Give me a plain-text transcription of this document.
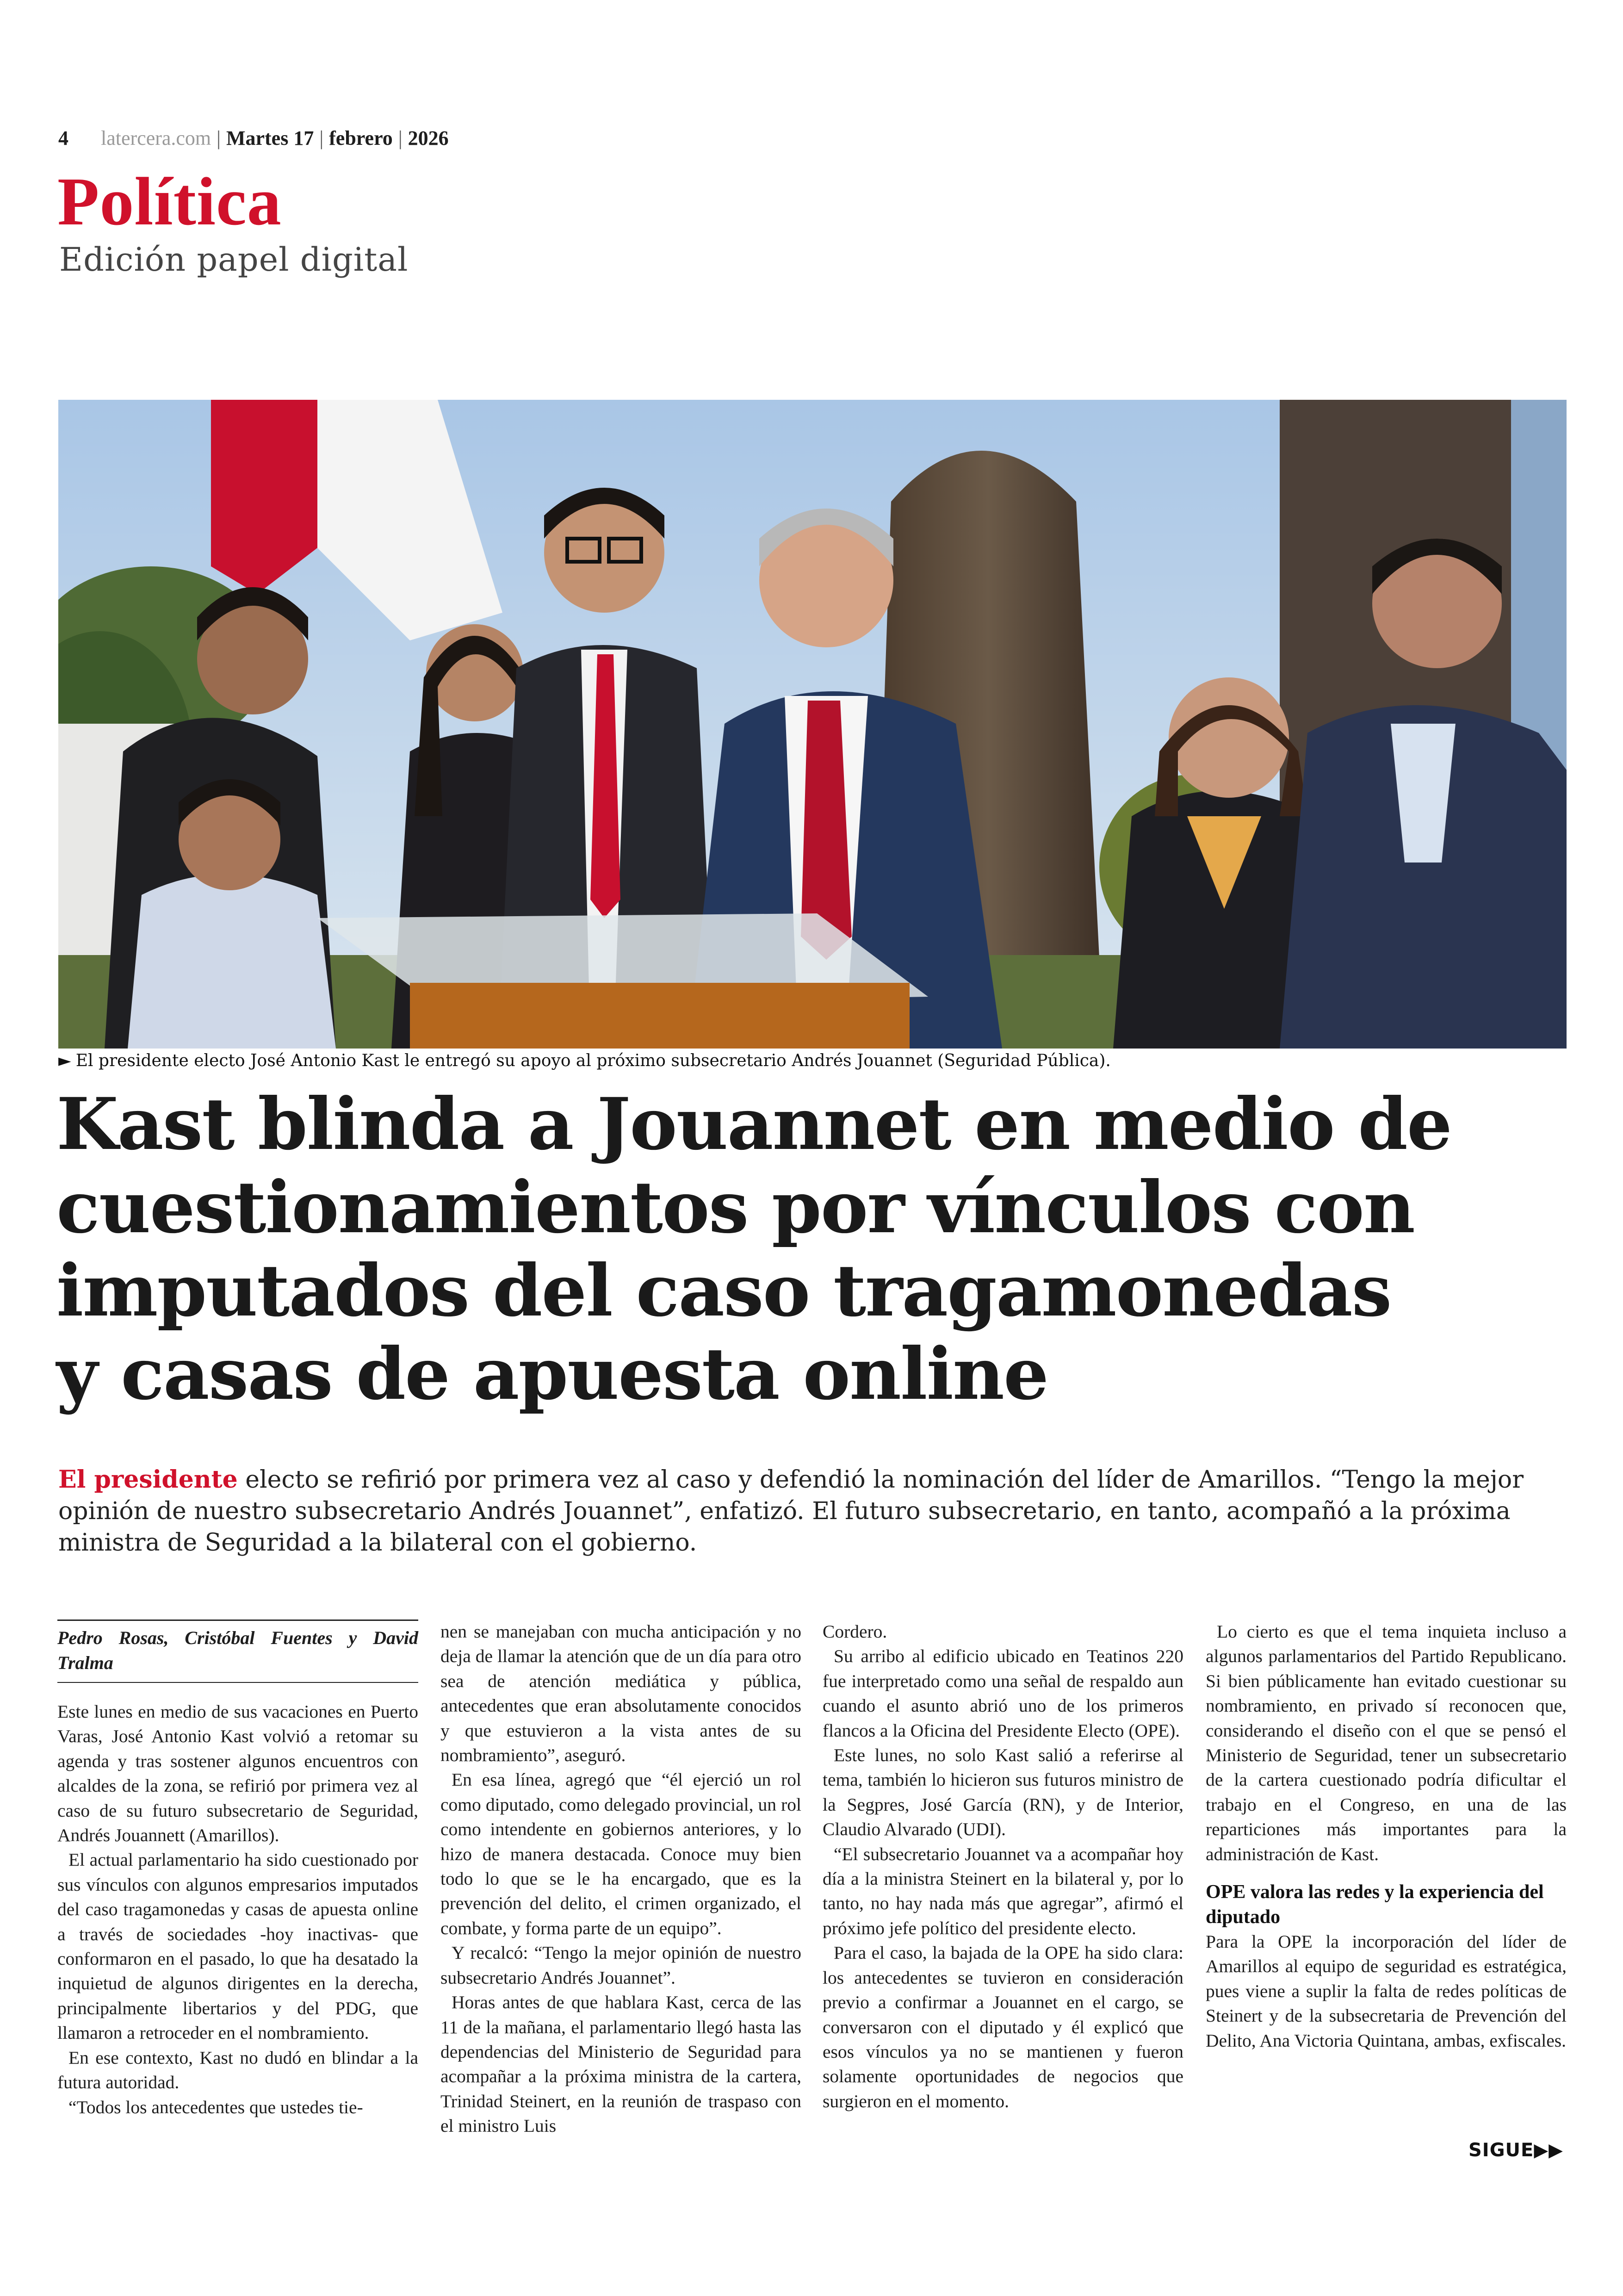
4 latercera.com | Martes 17 | febrero | 2026
Política
Edición papel digital
► El presidente electo José Antonio Kast le entregó su apoyo al próximo subsecretario Andrés Jouannet (Seguridad Pública).
Kast blinda a Jouannet en medio de
cuestionamientos por vínculos con
imputados del caso tragamonedas
y casas de apuesta online
El presidente electo se refirió por primera vez al caso y defendió la nominación del líder de Amarillos. “Tengo la mejor opinión de nuestro subsecretario Andrés Jouannet”, enfatizó. El futuro subsecretario, en tanto, acompañó a la próxima ministra de Seguridad a la bilateral con el gobierno.
Pedro Rosas, Cristóbal Fuentes y David Tralma

Este lunes en medio de sus vacaciones en Puerto Varas, José Antonio Kast volvió a retomar su agenda y tras sostener algunos encuentros con alcaldes de la zona, se refirió por primera vez al caso de su futuro subsecretario de Seguridad, Andrés Jouannett (Amarillos).

El actual parlamentario ha sido cuestionado por sus vínculos con algunos empresarios imputados del caso tragamonedas y casas de apuesta online a través de sociedades -hoy inactivas- que conformaron en el pasado, lo que ha desatado la inquietud de algunos dirigentes en la derecha, principalmente libertarios y del PDG, que llamaron a retroceder en el nombramiento.

En ese contexto, Kast no dudó en blindar a la futura autoridad.

“Todos los antecedentes que ustedes tie-

nen se manejaban con mucha anticipación y no deja de llamar la atención que de un día para otro sea de atención mediática y pública, antecedentes que eran absolutamente conocidos y que estuvieron a la vista antes de su nombramiento”, aseguró.

En esa línea, agregó que “él ejerció un rol como diputado, como delegado provincial, un rol como intendente en gobiernos anteriores, y lo hizo de manera destacada. Conoce muy bien todo lo que se le ha encargado, que es la prevención del delito, el crimen organizado, el combate, y forma parte de un equipo”.

Y recalcó: “Tengo la mejor opinión de nuestro subsecretario Andrés Jouannet”.

Horas antes de que hablara Kast, cerca de las 11 de la mañana, el parlamentario llegó hasta las dependencias del Ministerio de Seguridad para acompañar a la próxima ministra de la cartera, Trinidad Steinert, en la reunión de traspaso con el ministro Luis

Cordero.

Su arribo al edificio ubicado en Teatinos 220 fue interpretado como una señal de respaldo aun cuando el asunto abrió uno de los primeros flancos a la Oficina del Presidente Electo (OPE).

Este lunes, no solo Kast salió a referirse al tema, también lo hicieron sus futuros ministro de la Segpres, José García (RN), y de Interior, Claudio Alvarado (UDI).

“El subsecretario Jouannet va a acompañar hoy día a la ministra Steinert en la bilateral y, por lo tanto, no hay nada más que agregar”, afirmó el próximo jefe político del presidente electo.

Para el caso, la bajada de la OPE ha sido clara: los antecedentes se tuvieron en consideración previo a confirmar a Jouannet en el cargo, se conversaron con el diputado y él explicó que esos vínculos ya no se mantienen y fueron solamente oportunidades de negocios que surgieron en el momento.

Lo cierto es que el tema inquieta incluso a algunos parlamentarios del Partido Republicano. Si bien públicamente han evitado cuestionar su nombramiento, en privado sí reconocen que, considerando el diseño con el que se pensó el Ministerio de Seguridad, tener un subsecretario de la cartera cuestionado podría dificultar el trabajo en el Congreso, en una de las reparticiones más importantes para la administración de Kast.

OPE valora las redes y la experiencia del diputado

Para la OPE la incorporación del líder de Amarillos al equipo de seguridad es estratégica, pues viene a suplir la falta de redes políticas de Steinert y de la subsecretaria de Prevención del Delito, Ana Victoria Quintana, ambas, exfiscales.

SIGUE▶▶
